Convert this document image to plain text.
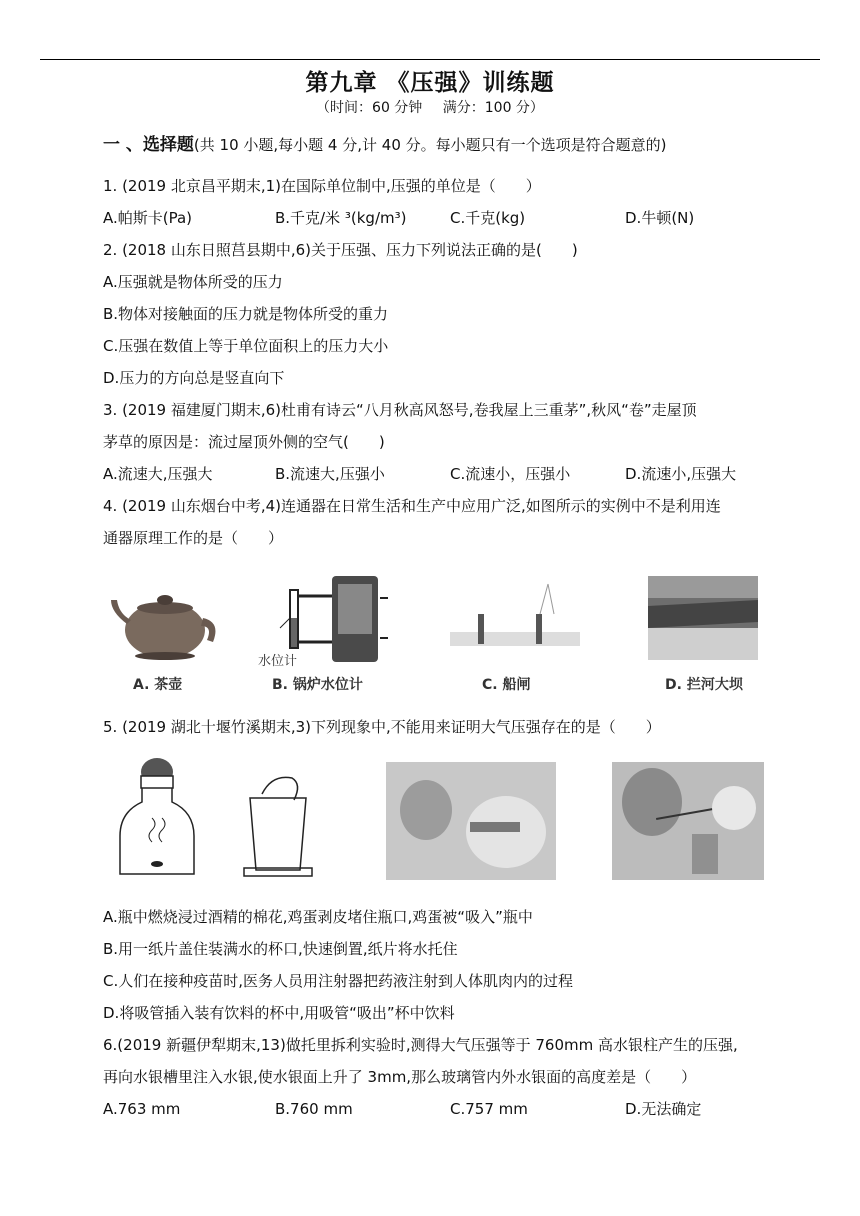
第九章 《压强》训练题
（时间：60 分钟 满分：100 分）
一 、选择题(共 10 小题,每小题 4 分,计 40 分。每小题只有一个选项是符合题意的)
1. (2019 北京昌平期末,1)在国际单位制中,压强的单位是（　　）
A.帕斯卡(Pa)	B.千克/米 ³(kg/m³)	C.千克(kg)	D.牛顿(N)
2. (2018 山东日照莒县期中,6)关于压强、压力下列说法正确的是(　　)
A.压强就是物体所受的压力
B.物体对接触面的压力就是物体所受的重力
C.压强在数值上等于单位面积上的压力大小
D.压力的方向总是竖直向下
3. (2019 福建厦门期末,6)杜甫有诗云“八月秋高风怒号,卷我屋上三重茅”,秋风“卷”走屋顶
茅草的原因是：流过屋顶外侧的空气(　　)
A.流速大,压强大	B.流速大,压强小	C.流速小，压强小	D.流速小,压强大
4. (2019 山东烟台中考,4)连通器在日常生活和生产中应用广泛,如图所示的实例中不是利用连
通器原理工作的是（　　）
A. 茶壶
水位计
B. 锅炉水位计	C. 船闸	D. 拦河大坝
5. (2019 湖北十堰竹溪期末,3)下列现象中,不能用来证明大气压强存在的是（　　）
A.瓶中燃烧浸过酒精的棉花,鸡蛋剥皮堵住瓶口,鸡蛋被“吸入”瓶中
B.用一纸片盖住装满水的杯口,快速倒置,纸片将水托住
C.人们在接种疫苗时,医务人员用注射器把药液注射到人体肌肉内的过程
D.将吸管插入装有饮料的杯中,用吸管“吸出”杯中饮料
6.(2019 新疆伊犁期末,13)做托里拆利实验时,测得大气压强等于 760mm 高水银柱产生的压强,
再向水银槽里注入水银,使水银面上升了 3mm,那么玻璃管内外水银面的高度差是（　　）
A.763 mm	B.760 mm	C.757 mm	D.无法确定
